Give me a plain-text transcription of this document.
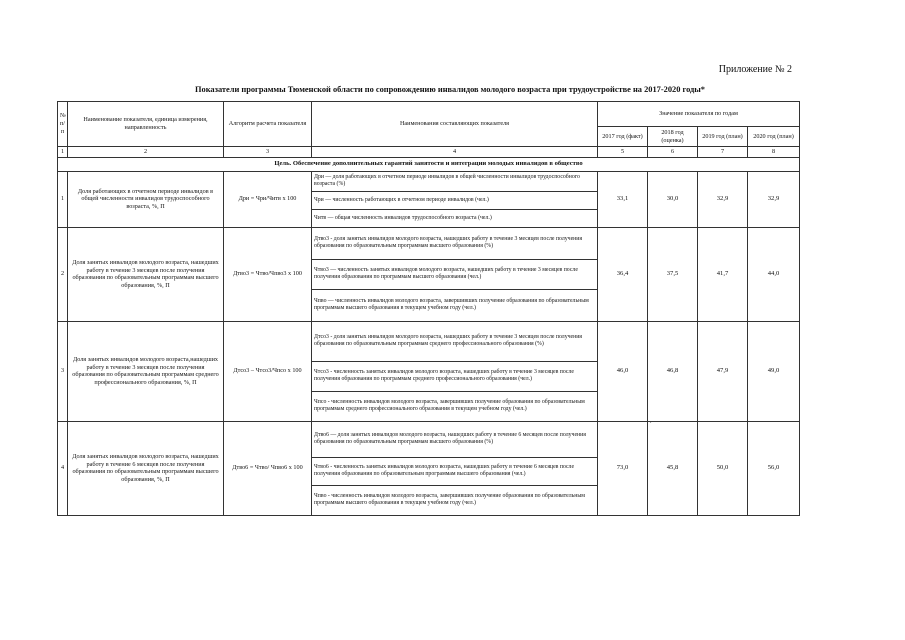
Приложение № 2
Показатели программы Тюменской области по сопровождению инвалидов молодого возраста при трудоустройстве на 2017-2020 годы*
№ п/п	Наименование показателя, единица измерения, направленность	Алгоритм расчета показателя	Наименования составляющих показателя	Значение показателя по годам			
				2017 год (факт)	2018 год (оценка)	2019 год (план)	2020 год (план)
1	2	3	4	5	6	7	8
Цель. Обеспечение дополнительных гарантий занятости и интеграции молодых инвалидов в общество							
1	Доля работающих в отчетном периоде инвалидов в общей численности инвалидов трудоспособного возраста, %, П	Дри = Чри/Читв x 100	Дри — доля работающих в отчетном периоде инвалидов в общей численности инвалидов трудоспособного возраста (%)	33,1	30,0	32,9	32,9
			Чри — численность работающих в отчетном периоде инвалидов (чел.)				
			Читв — общая численность инвалидов трудоспособного возраста (чел.)				
2	Доля занятых инвалидов молодого возраста, нашедших работу в течение 3 месяцев после получения образования по образовательным программам высшего образования, %, П	Дтво3 = Чтво/Чпво3 x 100	Дтво3 - доля занятых инвалидов молодого возраста, нашедших работу в течение 3 месяцев после получения образования по образовательным программам высшего образования (%)	36,4	37,5	41,7	44,0
			Чтво3 — численность занятых инвалидов молодого возраста, нашедших работу в течение 3 месяцев после получения образования по программам высшего образования (чел.)				
			Чпво — численность инвалидов молодого возраста, завершивших получение образования по образовательным программам высшего образования в текущем учебном году (чел.)				
3	Доля занятых инвалидов молодого возраста,нашедших работу в течение 3 месяцев после получения образования по образовательным программам среднего профессионального образования, %, П	Дтсо3 – Чтсо3/Чпсо x 100	Дтсо3 - доля занятых инвалидов молодого возраста, нашедших работу в течение 3 месяцев после получения образования по образовательным программам среднего профессионального образования (%)	46,0	46,8	47,9	49,0
			Чтсо3 - численность занятых инвалидов молодого возраста, нашедших работу в течение 3 месяцев после получения образования по программам среднего профессионального образования (чел.)				
			Чпсо - численность инвалидов молодого возраста, завершивших получение образования по образовательным программам среднего профессионального образования в текущем учебном году (чел.)				
4	Доля занятых инвалидов молодого возраста, нашедших работу в течение 6 месяцев после получения образования по образовательным программам высшего образования, %, П	Дтво6 = Чтво/ Чпво6 x 100	Дтво6 — доля занятых инвалидов молодого возраста, нашедших работу в течение 6 месяцев после получения образования по образовательным программам высшего образования (%)	73,0	45,8	50,0	56,0
			Чтво6 - численность занятых инвалидов молодого возраста, нашедших работу в течение 6 месяцев после получения образования по образовательным программам высшего образования (чел.)				
			Чпво - численность инвалидов молодого возраста, завершивших получение образования по образовательным программам высшего образования в текущем учебном году (чел.)				
.
